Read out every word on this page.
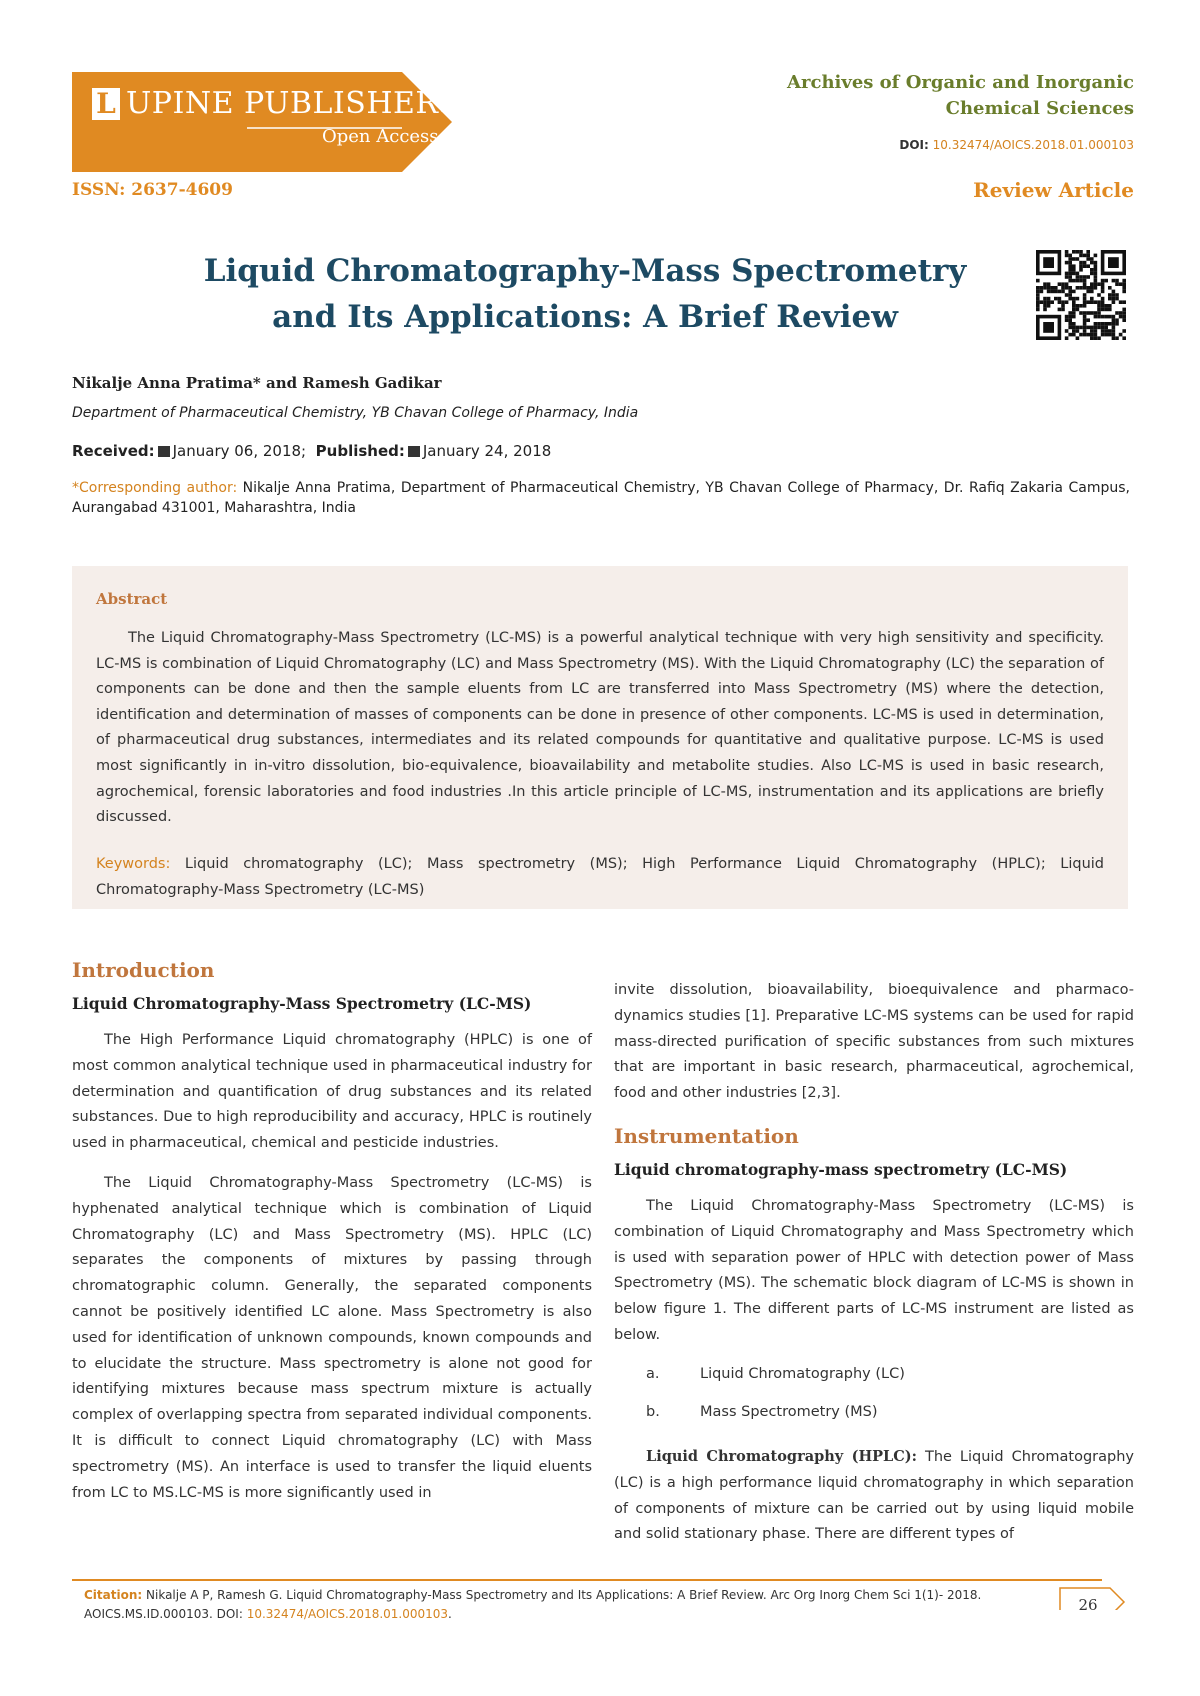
L UPINE PUBLISHERS
Open Access
Archives of Organic and Inorganic
Chemical Sciences
DOI: 10.32474/AOICS.2018.01.000103
ISSN: 2637-4609	Review Article
Liquid Chromatography-Mass Spectrometry
and Its Applications: A Brief Review
Nikalje Anna Pratima* and Ramesh Gadikar
Department of Pharmaceutical Chemistry, YB Chavan College of Pharmacy, India
Received: January 06, 2018; Published: January 24, 2018
*Corresponding author: Nikalje Anna Pratima, Department of Pharmaceutical Chemistry, YB Chavan College of Pharmacy, Dr. Rafiq Zakaria Campus, Aurangabad 431001, Maharashtra, India
Abstract
The Liquid Chromatography-Mass Spectrometry (LC-MS) is a powerful analytical technique with very high sensitivity and specificity. LC-MS is combination of Liquid Chromatography (LC) and Mass Spectrometry (MS). With the Liquid Chromatography (LC) the separation of components can be done and then the sample eluents from LC are transferred into Mass Spectrometry (MS) where the detection, identification and determination of masses of components can be done in presence of other components. LC-MS is used in determination, of pharmaceutical drug substances, intermediates and its related compounds for quantitative and qualitative purpose. LC-MS is used most significantly in in-vitro dissolution, bio-equivalence, bioavailability and metabolite studies. Also LC-MS is used in basic research, agrochemical, forensic laboratories and food industries .In this article principle of LC-MS, instrumentation and its applications are briefly discussed.
Keywords: Liquid chromatography (LC); Mass spectrometry (MS); High Performance Liquid Chromatography (HPLC); Liquid Chromatography-Mass Spectrometry (LC-MS)
Introduction
Liquid Chromatography-Mass Spectrometry (LC-MS)

The High Performance Liquid chromatography (HPLC) is one of most common analytical technique used in pharmaceutical industry for determination and quantification of drug substances and its related substances. Due to high reproducibility and accuracy, HPLC is routinely used in pharmaceutical, chemical and pesticide industries.

The Liquid Chromatography-Mass Spectrometry (LC-MS) is hyphenated analytical technique which is combination of Liquid Chromatography (LC) and Mass Spectrometry (MS). HPLC (LC) separates the components of mixtures by passing through chromatographic column. Generally, the separated components cannot be positively identified LC alone. Mass Spectrometry is also used for identification of unknown compounds, known compounds and to elucidate the structure. Mass spectrometry is alone not good for identifying mixtures because mass spectrum mixture is actually complex of overlapping spectra from separated individual components. It is difficult to connect Liquid chromatography (LC) with Mass spectrometry (MS). An interface is used to transfer the liquid eluents from LC to MS.LC-MS is more significantly used in

invite dissolution, bioavailability, bioequivalence and pharmaco-dynamics studies [1]. Preparative LC-MS systems can be used for rapid mass-directed purification of specific substances from such mixtures that are important in basic research, pharmaceutical, agrochemical, food and other industries [2,3].

Instrumentation
Liquid chromatography-mass spectrometry (LC-MS)

The Liquid Chromatography-Mass Spectrometry (LC-MS) is combination of Liquid Chromatography and Mass Spectrometry which is used with separation power of HPLC with detection power of Mass Spectrometry (MS). The schematic block diagram of LC-MS is shown in below figure 1. The different parts of LC-MS instrument are listed as below.

a.	Liquid Chromatography (LC)
b.	Mass Spectrometry (MS)

Liquid Chromatography (HPLC): The Liquid Chromatography (LC) is a high performance liquid chromatography in which separation of components of mixture can be carried out by using liquid mobile and solid stationary phase. There are different types of

Citation: Nikalje A P, Ramesh G. Liquid Chromatography-Mass Spectrometry and Its Applications: A Brief Review. Arc Org Inorg Chem Sci 1(1)- 2018. AOICS.MS.ID.000103. DOI: 10.32474/AOICS.2018.01.000103.	26
